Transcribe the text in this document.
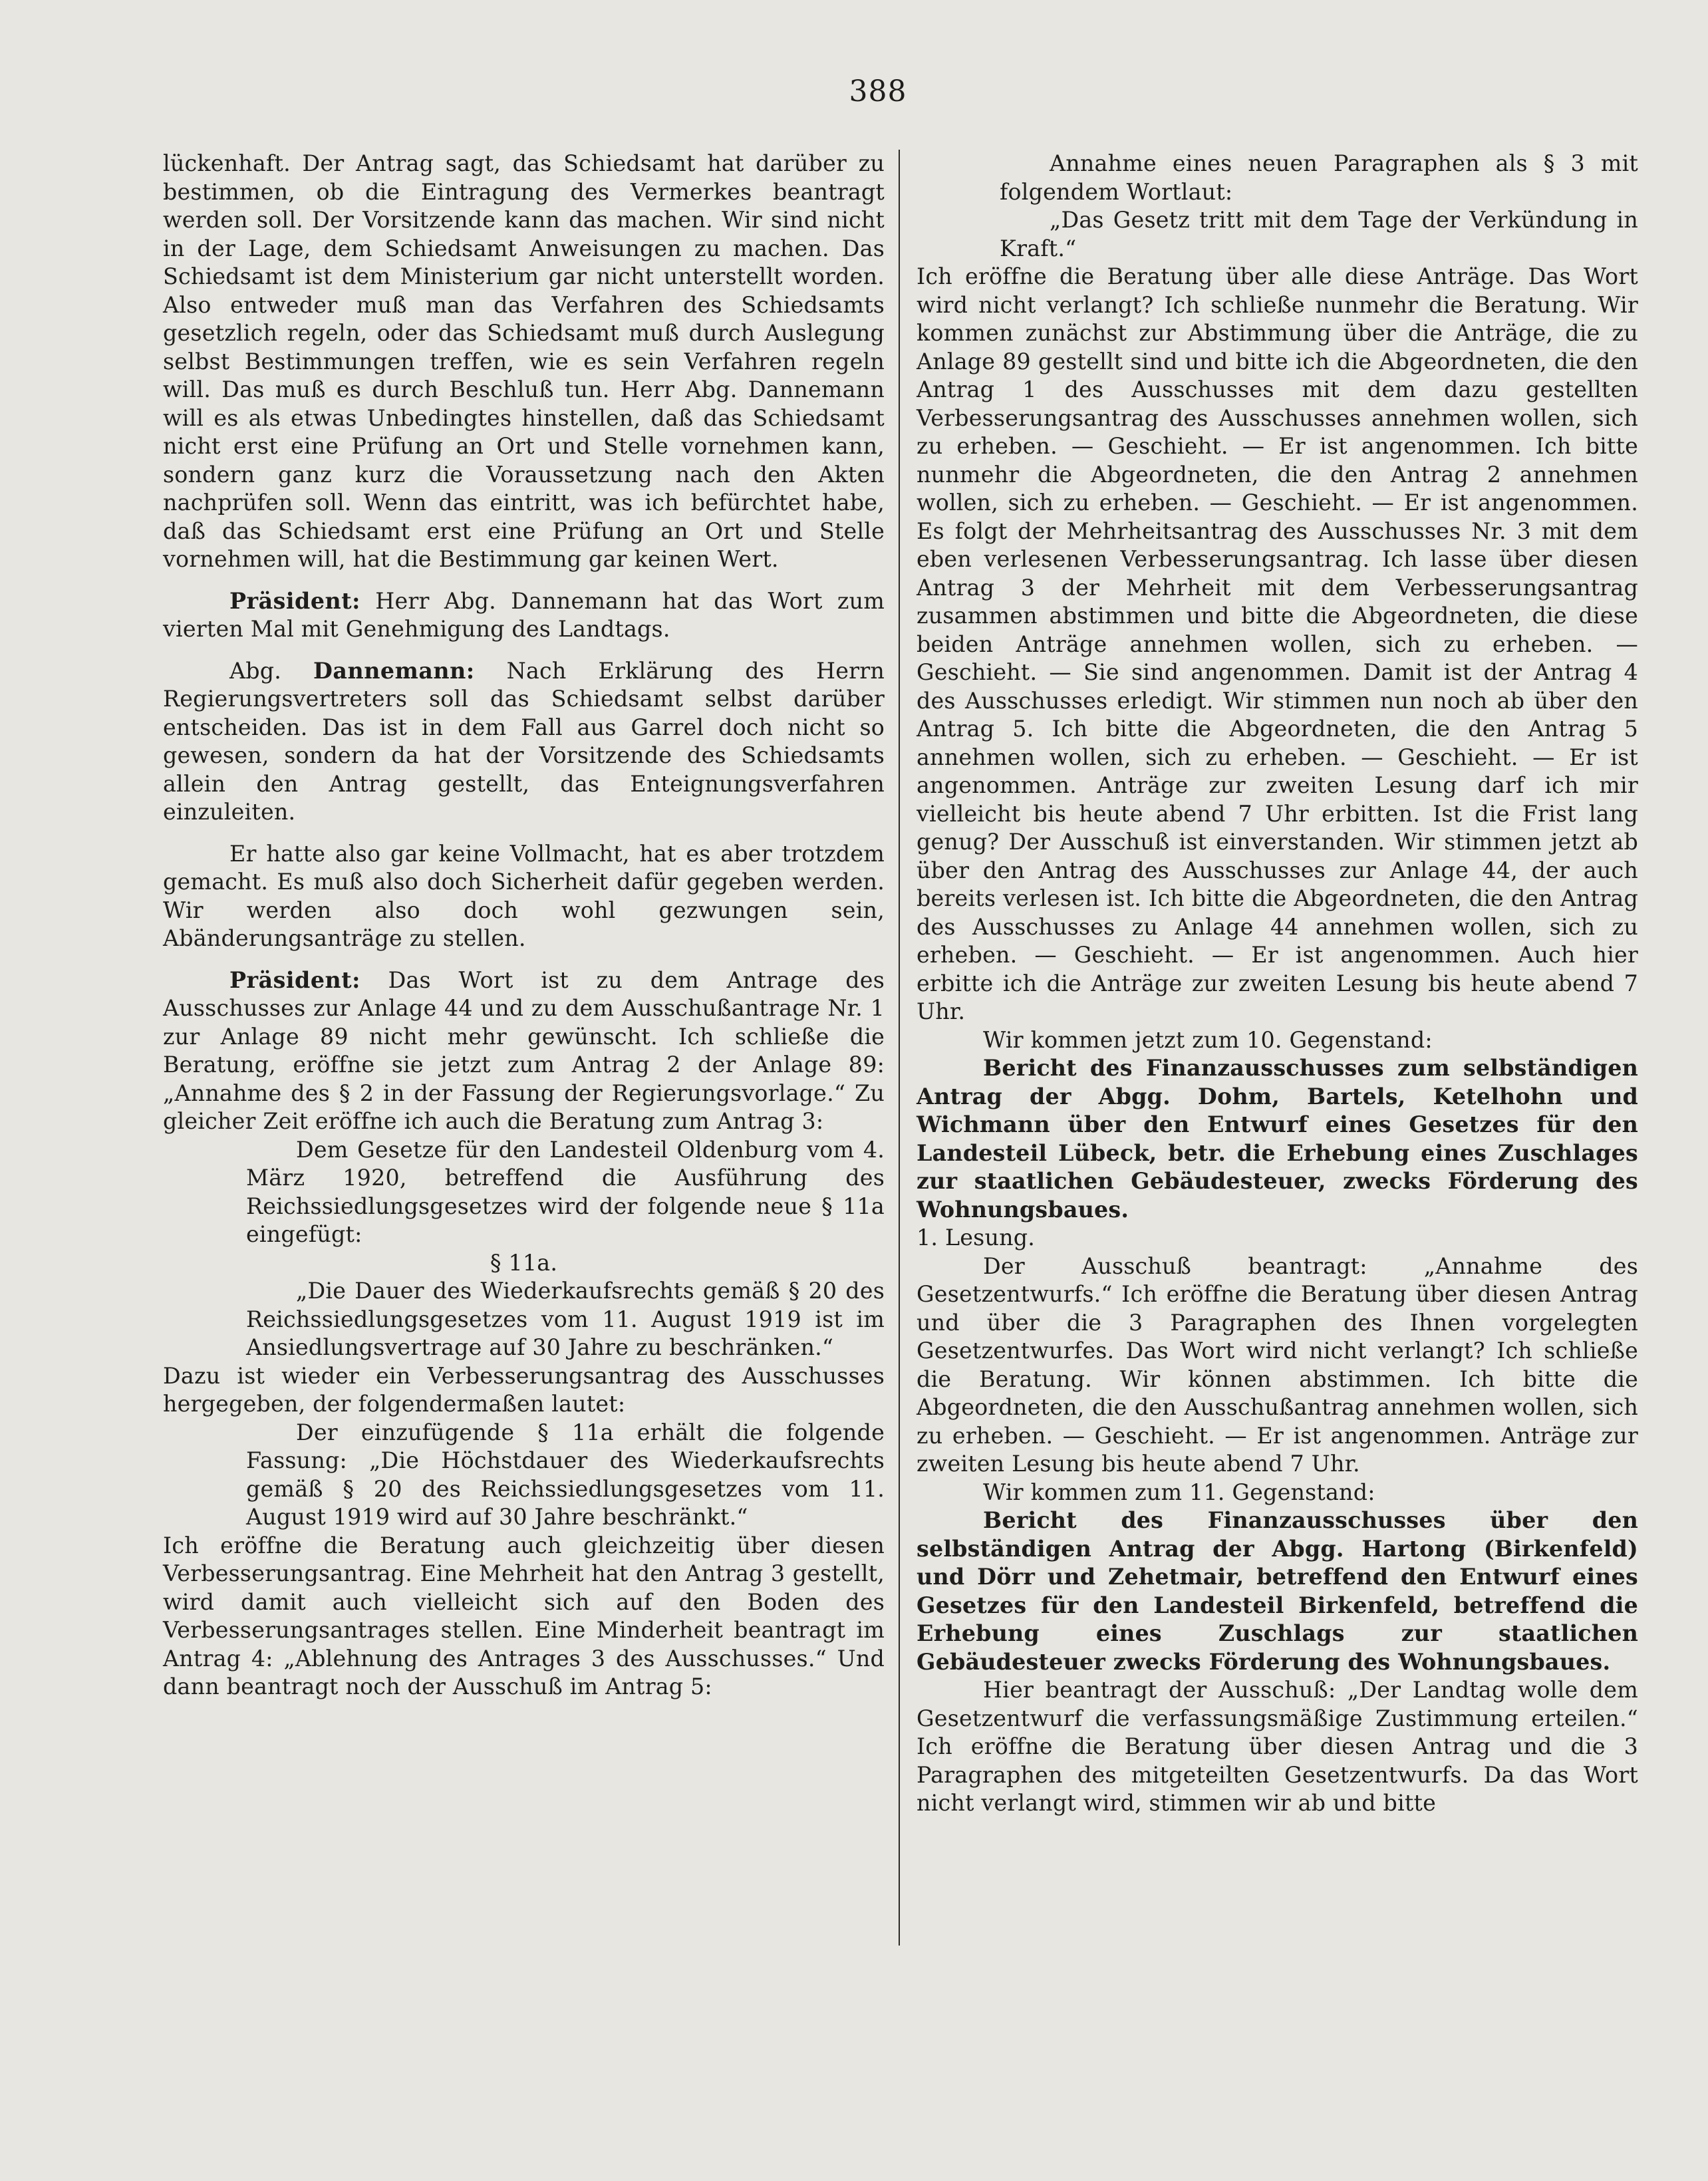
388

lückenhaft. Der Antrag sagt, das Schiedsamt hat darüber zu bestimmen, ob die Eintragung des Vermerkes beantragt werden soll. Der Vorsitzende kann das machen. Wir sind nicht in der Lage, dem Schiedsamt Anweisungen zu machen. Das Schiedsamt ist dem Ministerium gar nicht unterstellt worden. Also entweder muß man das Verfahren des Schiedsamts gesetzlich regeln, oder das Schiedsamt muß durch Auslegung selbst Bestimmungen treffen, wie es sein Verfahren regeln will. Das muß es durch Beschluß tun. Herr Abg. Dannemann will es als etwas Unbedingtes hinstellen, daß das Schiedsamt nicht erst eine Prüfung an Ort und Stelle vornehmen kann, sondern ganz kurz die Voraussetzung nach den Akten nachprüfen soll. Wenn das eintritt, was ich befürchtet habe, daß das Schiedsamt erst eine Prüfung an Ort und Stelle vornehmen will, hat die Bestimmung gar keinen Wert.

Präsident: Herr Abg. Dannemann hat das Wort zum vierten Mal mit Genehmigung des Landtags.

Abg. Dannemann: Nach Erklärung des Herrn Regierungsvertreters soll das Schiedsamt selbst darüber entscheiden. Das ist in dem Fall aus Garrel doch nicht so gewesen, sondern da hat der Vorsitzende des Schiedsamts allein den Antrag gestellt, das Enteignungsverfahren einzuleiten.

Er hatte also gar keine Vollmacht, hat es aber trotzdem gemacht. Es muß also doch Sicherheit dafür gegeben werden. Wir werden also doch wohl gezwungen sein, Abänderungsanträge zu stellen.

Präsident: Das Wort ist zu dem Antrage des Ausschusses zur Anlage 44 und zu dem Ausschußantrage Nr. 1 zur Anlage 89 nicht mehr gewünscht. Ich schließe die Beratung, eröffne sie jetzt zum Antrag 2 der Anlage 89: „Annahme des § 2 in der Fassung der Regierungsvorlage.“ Zu gleicher Zeit eröffne ich auch die Beratung zum Antrag 3:

Dem Gesetze für den Landesteil Oldenburg vom 4. März 1920, betreffend die Ausführung des Reichssiedlungsgesetzes wird der folgende neue § 11a eingefügt:

§ 11a.

„Die Dauer des Wiederkaufsrechts gemäß § 20 des Reichssiedlungsgesetzes vom 11. August 1919 ist im Ansiedlungsvertrage auf 30 Jahre zu beschränken.“

Dazu ist wieder ein Verbesserungsantrag des Ausschusses hergegeben, der folgendermaßen lautet:

Der einzufügende § 11a erhält die folgende Fassung: „Die Höchstdauer des Wiederkaufsrechts gemäß § 20 des Reichssiedlungsgesetzes vom 11. August 1919 wird auf 30 Jahre beschränkt.“

Ich eröffne die Beratung auch gleichzeitig über diesen Verbesserungsantrag. Eine Mehrheit hat den Antrag 3 gestellt, wird damit auch vielleicht sich auf den Boden des Verbesserungsantrages stellen. Eine Minderheit beantragt im Antrag 4: „Ablehnung des Antrages 3 des Ausschusses.“ Und dann beantragt noch der Ausschuß im Antrag 5:

Annahme eines neuen Paragraphen als § 3 mit folgendem Wortlaut:

„Das Gesetz tritt mit dem Tage der Verkündung in Kraft.“

Ich eröffne die Beratung über alle diese Anträge. Das Wort wird nicht verlangt? Ich schließe nunmehr die Beratung. Wir kommen zunächst zur Abstimmung über die Anträge, die zu Anlage 89 gestellt sind und bitte ich die Abgeordneten, die den Antrag 1 des Ausschusses mit dem dazu gestellten Verbesserungsantrag des Ausschusses annehmen wollen, sich zu erheben. — Geschieht. — Er ist angenommen. Ich bitte nunmehr die Abgeordneten, die den Antrag 2 annehmen wollen, sich zu erheben. — Geschieht. — Er ist angenommen. Es folgt der Mehrheitsantrag des Ausschusses Nr. 3 mit dem eben verlesenen Verbesserungsantrag. Ich lasse über diesen Antrag 3 der Mehrheit mit dem Verbesserungsantrag zusammen abstimmen und bitte die Abgeordneten, die diese beiden Anträge annehmen wollen, sich zu erheben. — Geschieht. — Sie sind angenommen. Damit ist der Antrag 4 des Ausschusses erledigt. Wir stimmen nun noch ab über den Antrag 5. Ich bitte die Abgeordneten, die den Antrag 5 annehmen wollen, sich zu erheben. — Geschieht. — Er ist angenommen. Anträge zur zweiten Lesung darf ich mir vielleicht bis heute abend 7 Uhr erbitten. Ist die Frist lang genug? Der Ausschuß ist einverstanden. Wir stimmen jetzt ab über den Antrag des Ausschusses zur Anlage 44, der auch bereits verlesen ist. Ich bitte die Abgeordneten, die den Antrag des Ausschusses zu Anlage 44 annehmen wollen, sich zu erheben. — Geschieht. — Er ist angenommen. Auch hier erbitte ich die Anträge zur zweiten Lesung bis heute abend 7 Uhr.

Wir kommen jetzt zum 10. Gegenstand:

Bericht des Finanzausschusses zum selbständigen Antrag der Abgg. Dohm, Bartels, Ketelhohn und Wichmann über den Entwurf eines Gesetzes für den Landesteil Lübeck, betr. die Erhebung eines Zuschlages zur staatlichen Gebäudesteuer, zwecks Förderung des Wohnungsbaues.

1. Lesung.

Der Ausschuß beantragt: „Annahme des Gesetzentwurfs.“ Ich eröffne die Beratung über diesen Antrag und über die 3 Paragraphen des Ihnen vorgelegten Gesetzentwurfes. Das Wort wird nicht verlangt? Ich schließe die Beratung. Wir können abstimmen. Ich bitte die Abgeordneten, die den Ausschußantrag annehmen wollen, sich zu erheben. — Geschieht. — Er ist angenommen. Anträge zur zweiten Lesung bis heute abend 7 Uhr.

Wir kommen zum 11. Gegenstand:

Bericht des Finanzausschusses über den selbständigen Antrag der Abgg. Hartong (Birkenfeld) und Dörr und Zehetmair, betreffend den Entwurf eines Gesetzes für den Landesteil Birkenfeld, betreffend die Erhebung eines Zuschlags zur staatlichen Gebäudesteuer zwecks Förderung des Wohnungsbaues.

Hier beantragt der Ausschuß: „Der Landtag wolle dem Gesetzentwurf die verfassungsmäßige Zustimmung erteilen.“ Ich eröffne die Beratung über diesen Antrag und die 3 Paragraphen des mitgeteilten Gesetzentwurfs. Da das Wort nicht verlangt wird, stimmen wir ab und bitte
